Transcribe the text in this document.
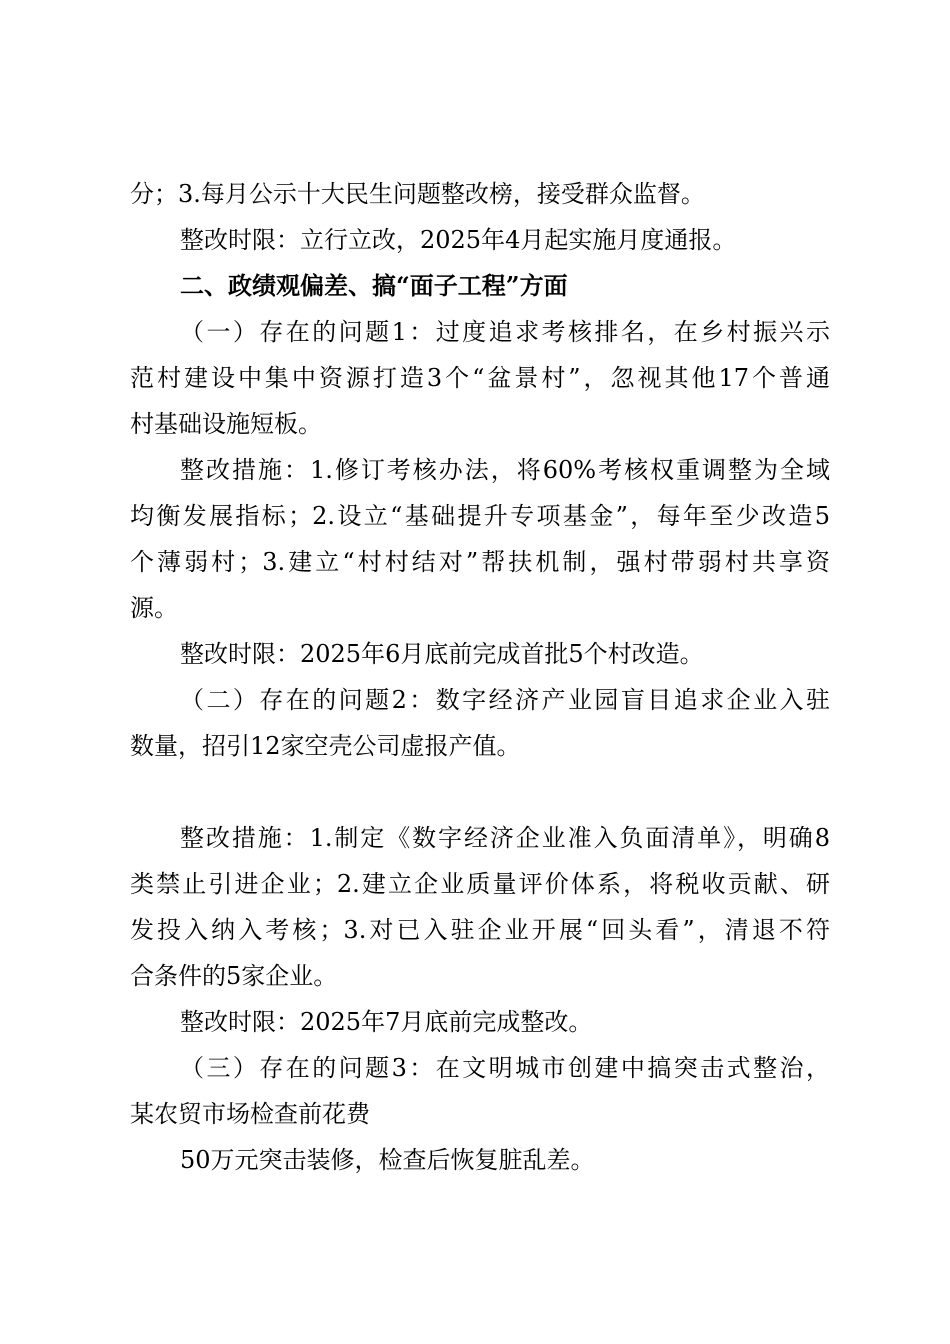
分；3.每月公示十大民生问题整改榜，接受群众监督。
整改时限：立行立改，2025年4月起实施月度通报。
二、政绩观偏差、搞“面子工程”方面
（一）存在的问题1：过度追求考核排名，在乡村振兴示
范村建设中集中资源打造3个“盆景村”，忽视其他17个普通
村基础设施短板。
整改措施：1.修订考核办法，将60%考核权重调整为全域
均衡发展指标；2.设立“基础提升专项基金”，每年至少改造5
个薄弱村；3.建立“村村结对”帮扶机制，强村带弱村共享资
源。
整改时限：2025年6月底前完成首批5个村改造。
（二）存在的问题2：数字经济产业园盲目追求企业入驻
数量，招引12家空壳公司虚报产值。
整改措施：1.制定《数字经济企业准入负面清单》，明确8
类禁止引进企业；2.建立企业质量评价体系，将税收贡献、研
发投入纳入考核；3.对已入驻企业开展“回头看”，清退不符
合条件的5家企业。
整改时限：2025年7月底前完成整改。
（三）存在的问题3：在文明城市创建中搞突击式整治，
某农贸市场检查前花费
50万元突击装修，检查后恢复脏乱差。
